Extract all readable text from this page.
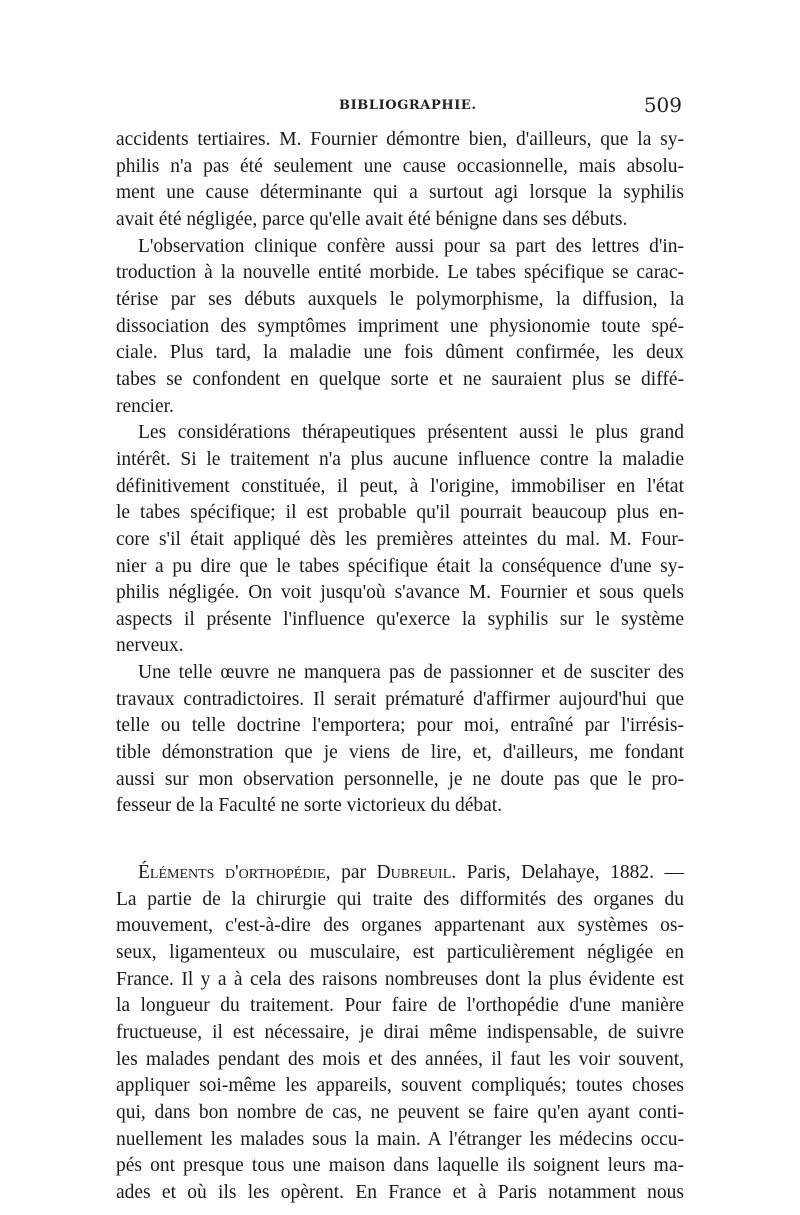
BIBLIOGRAPHIE.	509
accidents tertiaires. M. Fournier démontre bien, d'ailleurs, que la sy-
philis n'a pas été seulement une cause occasionnelle, mais absolu-
ment une cause déterminante qui a surtout agi lorsque la syphilis
avait été négligée, parce qu'elle avait été bénigne dans ses débuts.
L'observation clinique confère aussi pour sa part des lettres d'in-
troduction à la nouvelle entité morbide. Le tabes spécifique se carac-
térise par ses débuts auxquels le polymorphisme, la diffusion, la
dissociation des symptômes impriment une physionomie toute spé-
ciale. Plus tard, la maladie une fois dûment confirmée, les deux
tabes se confondent en quelque sorte et ne sauraient plus se diffé-
rencier.
Les considérations thérapeutiques présentent aussi le plus grand
intérêt. Si le traitement n'a plus aucune influence contre la maladie
définitivement constituée, il peut, à l'origine, immobiliser en l'état
le tabes spécifique; il est probable qu'il pourrait beaucoup plus en-
core s'il était appliqué dès les premières atteintes du mal. M. Four-
nier a pu dire que le tabes spécifique était la conséquence d'une sy-
philis négligée. On voit jusqu'où s'avance M. Fournier et sous quels
aspects il présente l'influence qu'exerce la syphilis sur le système
nerveux.
Une telle œuvre ne manquera pas de passionner et de susciter des
travaux contradictoires. Il serait prématuré d'affirmer aujourd'hui que
telle ou telle doctrine l'emportera; pour moi, entraîné par l'irrésis-
tible démonstration que je viens de lire, et, d'ailleurs, me fondant
aussi sur mon observation personnelle, je ne doute pas que le pro-
fesseur de la Faculté ne sorte victorieux du débat.
Éléments d'orthopédie, par Dubreuil. Paris, Delahaye, 1882. —
La partie de la chirurgie qui traite des difformités des organes du
mouvement, c'est-à-dire des organes appartenant aux systèmes os-
seux, ligamenteux ou musculaire, est particulièrement négligée en
France. Il y a à cela des raisons nombreuses dont la plus évidente est
la longueur du traitement. Pour faire de l'orthopédie d'une manière
fructueuse, il est nécessaire, je dirai même indispensable, de suivre
les malades pendant des mois et des années, il faut les voir souvent,
appliquer soi-même les appareils, souvent compliqués; toutes choses
qui, dans bon nombre de cas, ne peuvent se faire qu'en ayant conti-
nuellement les malades sous la main. A l'étranger les médecins occu-
pés ont presque tous une maison dans laquelle ils soignent leurs ma-
ades et où ils les opèrent. En France et à Paris notamment nous
